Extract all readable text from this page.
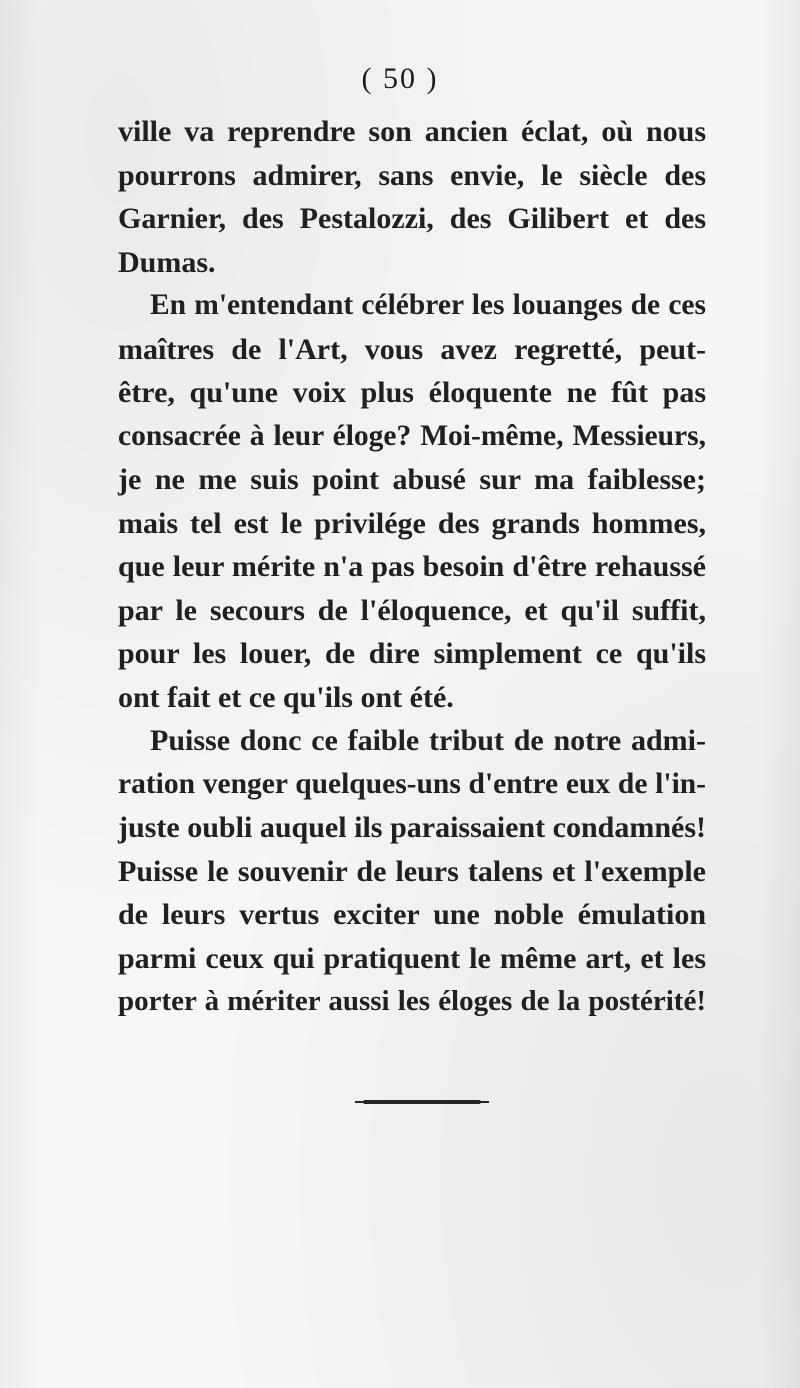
( 50 )
ville va reprendre son ancien éclat, où nous
pourrons admirer, sans envie, le siècle des
Garnier, des Pestalozzi, des Gilibert et des
Dumas.
En m'entendant célébrer les louanges de ces
maîtres de l'Art, vous avez regretté, peut-
être, qu'une voix plus éloquente ne fût pas
consacrée à leur éloge? Moi-même, Messieurs,
je ne me suis point abusé sur ma faiblesse;
mais tel est le privilége des grands hommes,
que leur mérite n'a pas besoin d'être rehaussé
par le secours de l'éloquence, et qu'il suffit,
pour les louer, de dire simplement ce qu'ils
ont fait et ce qu'ils ont été.
Puisse donc ce faible tribut de notre admi-
ration venger quelques-uns d'entre eux de l'in-
juste oubli auquel ils paraissaient condamnés!
Puisse le souvenir de leurs talens et l'exemple
de leurs vertus exciter une noble émulation
parmi ceux qui pratiquent le même art, et les
porter à mériter aussi les éloges de la postérité!
